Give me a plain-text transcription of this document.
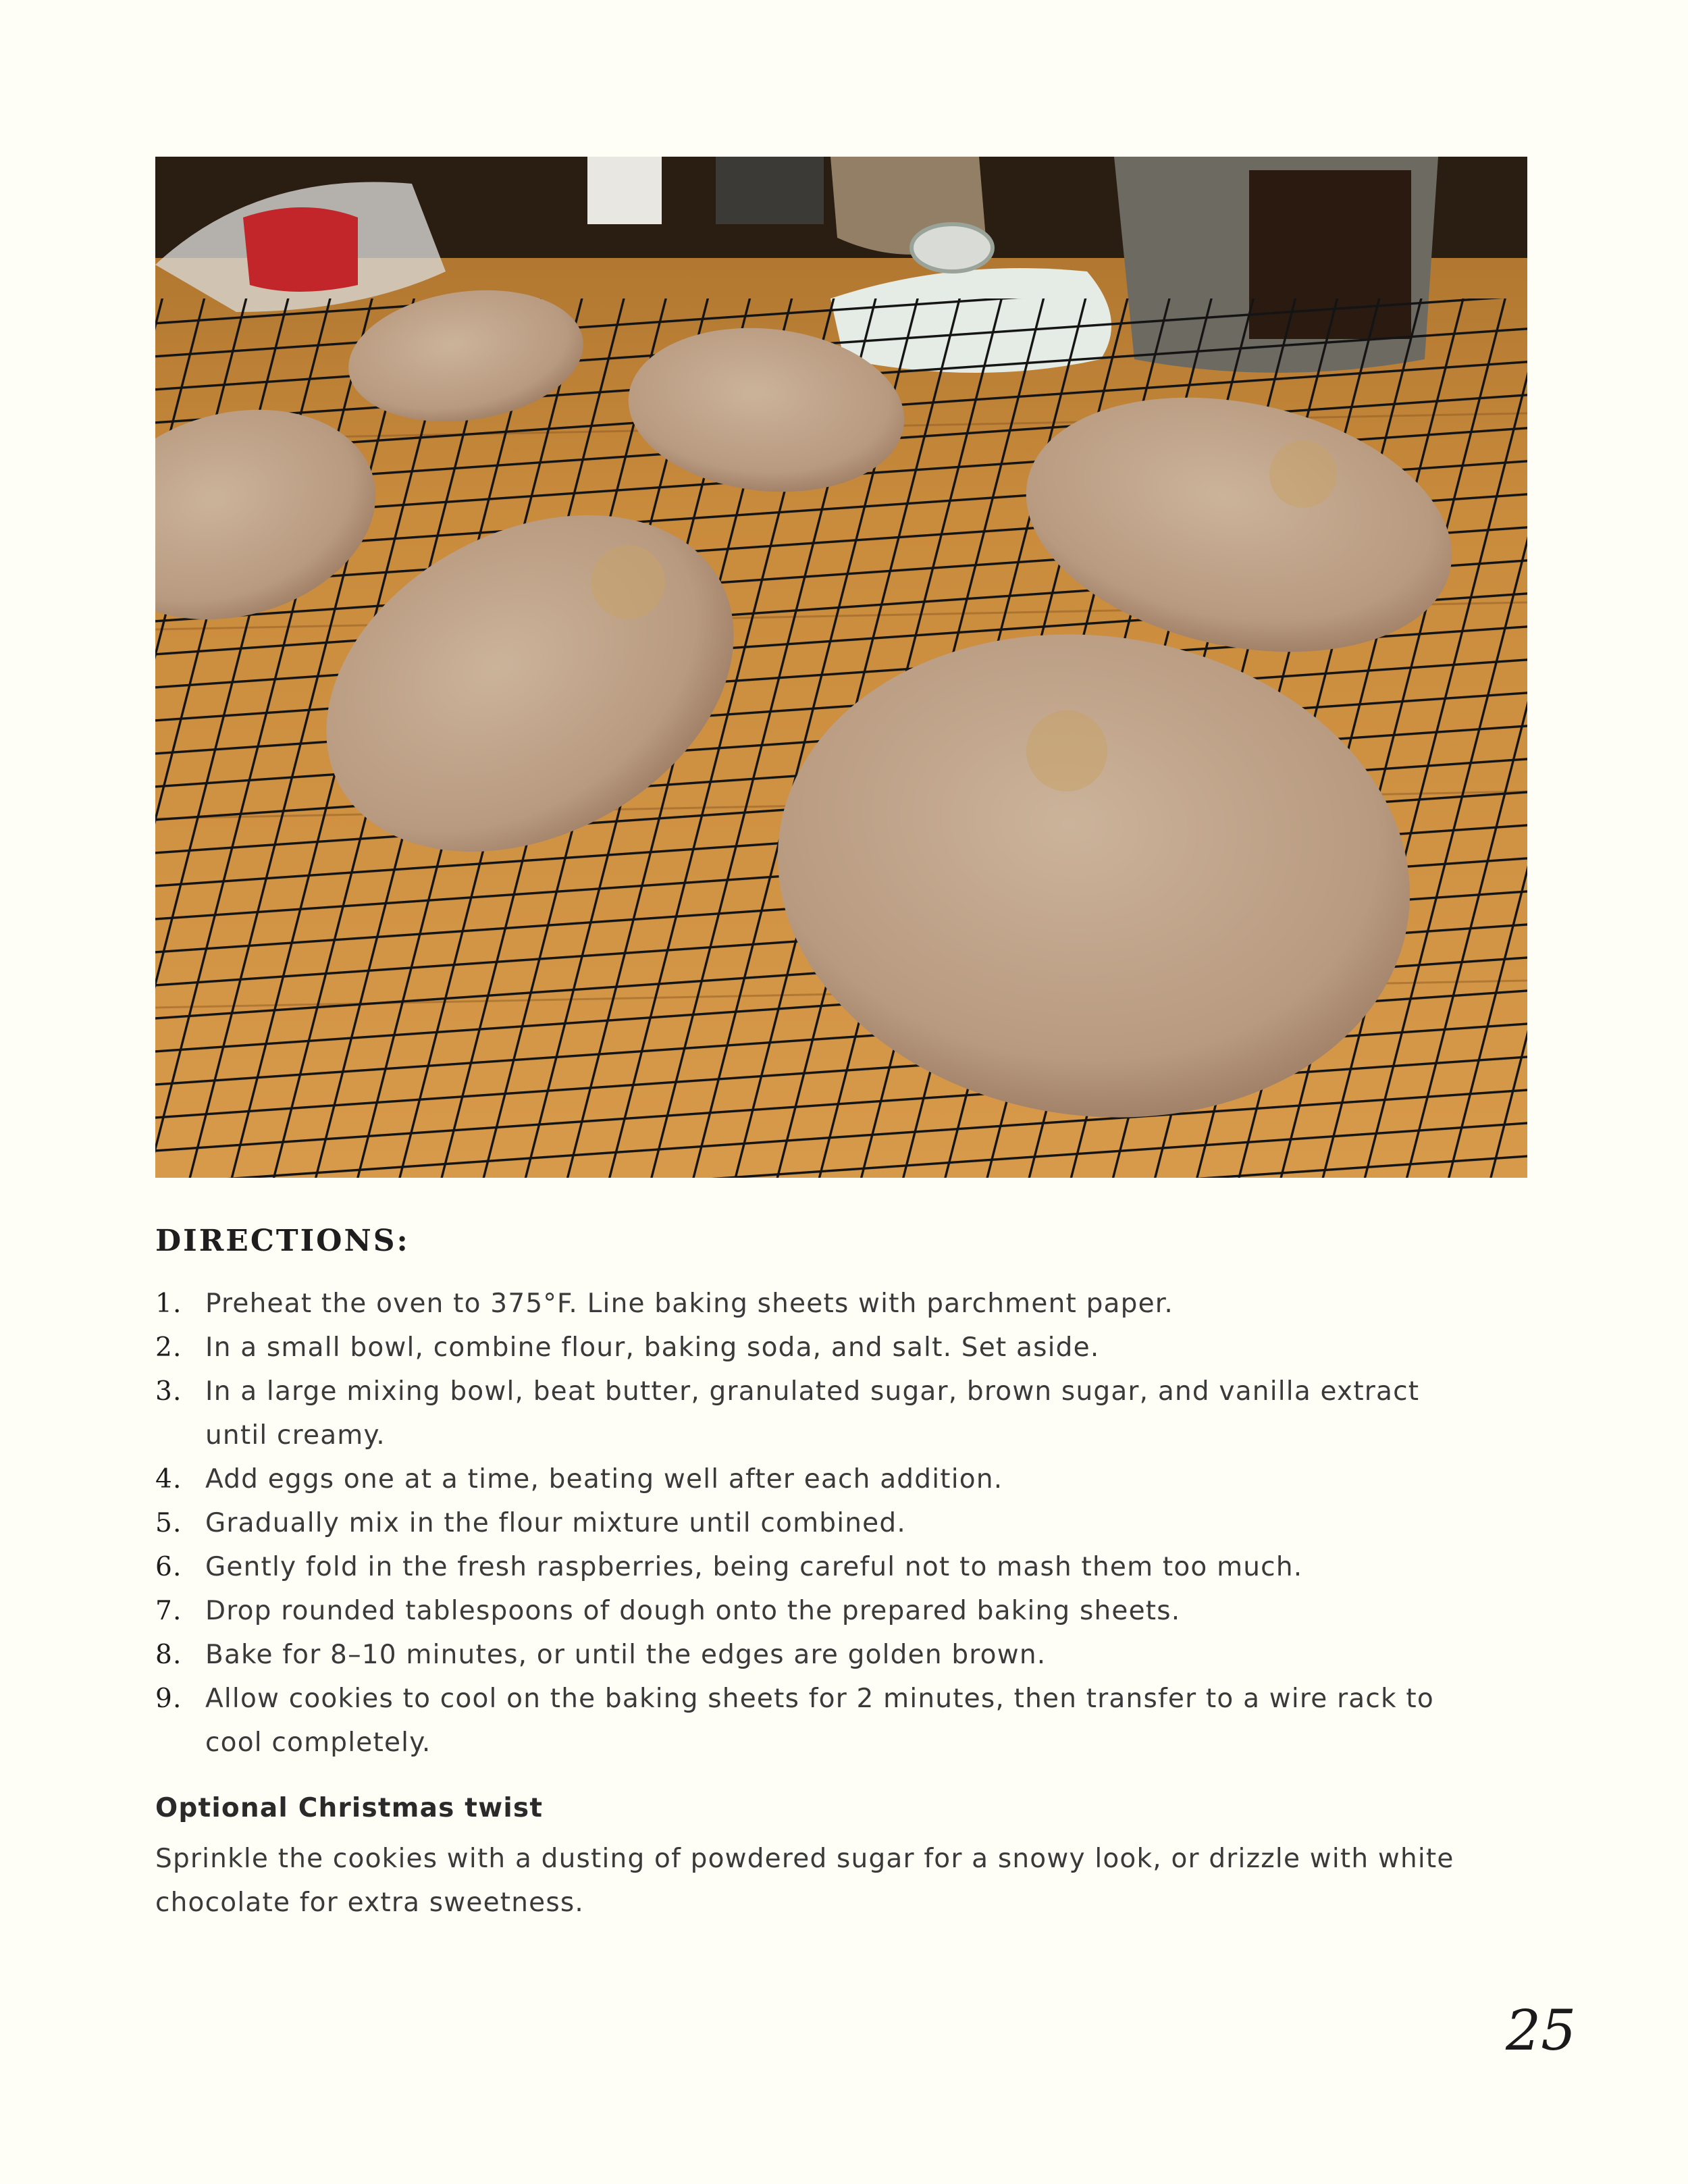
DIRECTIONS:
1. Preheat the oven to 375°F. Line baking sheets with parchment paper.
2. In a small bowl, combine flour, baking soda, and salt. Set aside.
3. In a large mixing bowl, beat butter, granulated sugar, brown sugar, and vanilla extract until creamy.
4. Add eggs one at a time, beating well after each addition.
5. Gradually mix in the flour mixture until combined.
6. Gently fold in the fresh raspberries, being careful not to mash them too much.
7. Drop rounded tablespoons of dough onto the prepared baking sheets.
8. Bake for 8–10 minutes, or until the edges are golden brown.
9. Allow cookies to cool on the baking sheets for 2 minutes, then transfer to a wire rack to cool completely.
Optional Christmas twist
Sprinkle the cookies with a dusting of powdered sugar for a snowy look, or drizzle with white chocolate for extra sweetness.
25
